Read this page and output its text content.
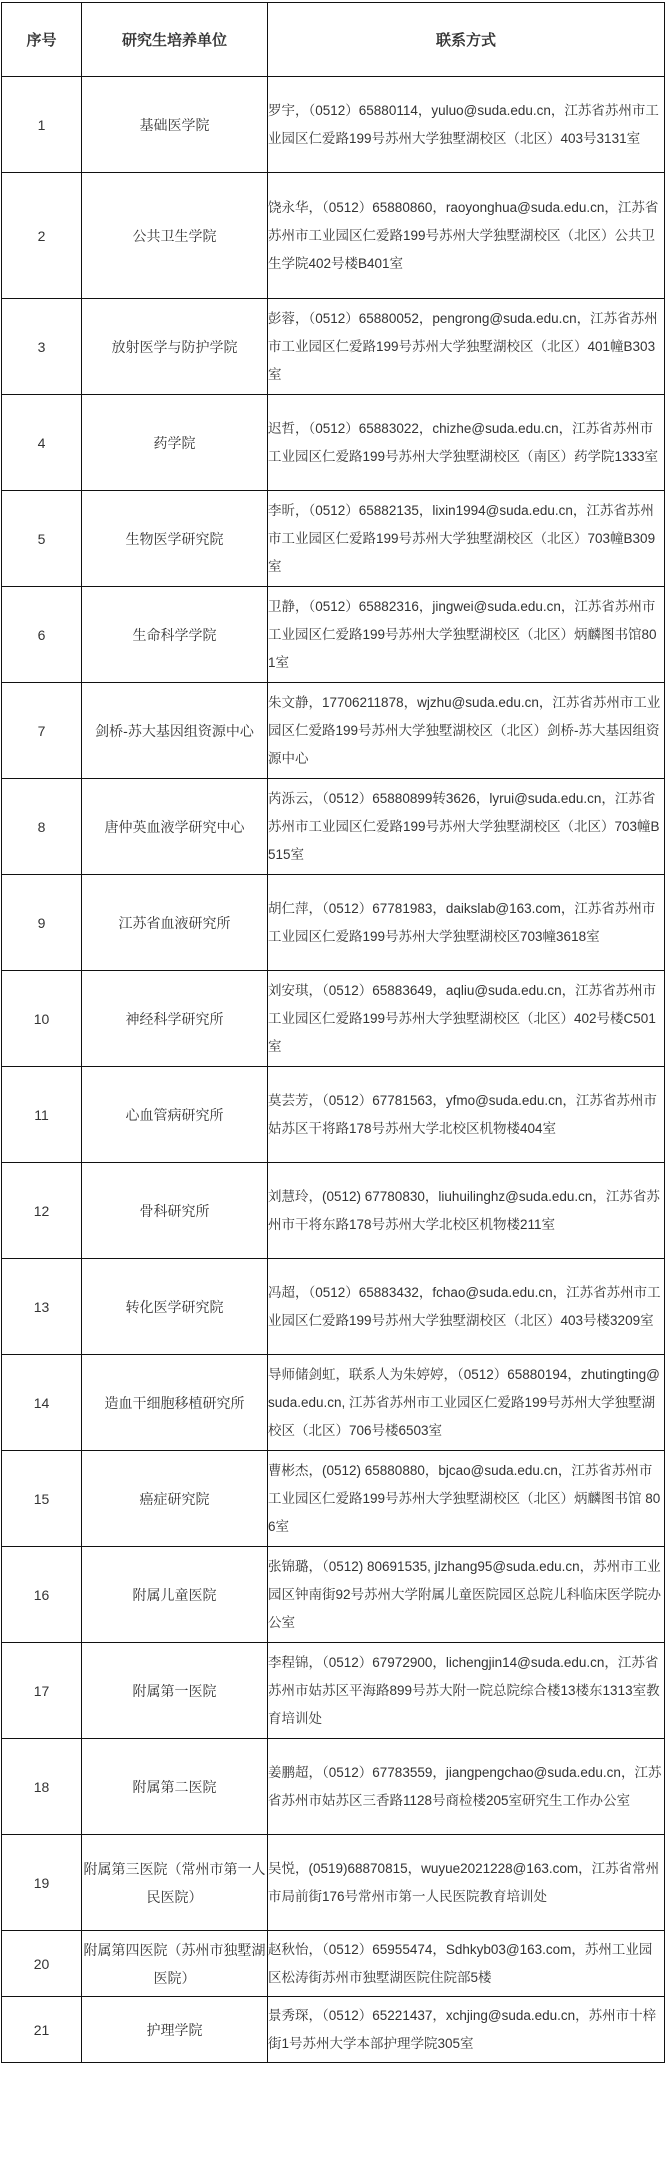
序号	研究生培养单位	联系方式
1	基础医学院	罗宇，（0512）65880114，yuluo@suda.edu.cn，江苏省苏州市工业园区仁爱路199号苏州大学独墅湖校区（北区）403号3131室
2	公共卫生学院	饶永华，（0512）65880860，raoyonghua@suda.edu.cn，江苏省苏州市工业园区仁爱路199号苏州大学独墅湖校区（北区）公共卫生学院402号楼B401室
3	放射医学与防护学院	彭蓉，（0512）65880052，pengrong@suda.edu.cn，江苏省苏州市工业园区仁爱路199号苏州大学独墅湖校区（北区）401幢B303室
4	药学院	迟哲，（0512）65883022，chizhe@suda.edu.cn，江苏省苏州市工业园区仁爱路199号苏州大学独墅湖校区（南区）药学院1333室
5	生物医学研究院	李昕，（0512）65882135，lixin1994@suda.edu.cn，江苏省苏州市工业园区仁爱路199号苏州大学独墅湖校区（北区）703幢B309室
6	生命科学学院	卫静，（0512）65882316，jingwei@suda.edu.cn，江苏省苏州市工业园区仁爱路199号苏州大学独墅湖校区（北区）炳麟图书馆801室
7	剑桥-苏大基因组资源中心	朱文静，17706211878，wjzhu@suda.edu.cn，江苏省苏州市工业园区仁爱路199号苏州大学独墅湖校区（北区）剑桥-苏大基因组资源中心
8	唐仲英血液学研究中心	芮泺云，（0512）65880899转3626，lyrui@suda.edu.cn，江苏省苏州市工业园区仁爱路199号苏州大学独墅湖校区（北区）703幢B515室
9	江苏省血液研究所	胡仁萍，（0512）67781983，daikslab@163.com，江苏省苏州市工业园区仁爱路199号苏州大学独墅湖校区703幢3618室
10	神经科学研究所	刘安琪，（0512）65883649，aqliu@suda.edu.cn，江苏省苏州市工业园区仁爱路199号苏州大学独墅湖校区（北区）402号楼C501室
11	心血管病研究所	莫芸芳，（0512）67781563，yfmo@suda.edu.cn，江苏省苏州市姑苏区干将路178号苏州大学北校区机物楼404室
12	骨科研究所	刘慧玲，(0512) 67780830，liuhuilinghz@suda.edu.cn，江苏省苏州市干将东路178号苏州大学北校区机物楼211室
13	转化医学研究院	冯超，（0512）65883432，fchao@suda.edu.cn，江苏省苏州市工业园区仁爱路199号苏州大学独墅湖校区（北区）403号楼3209室
14	造血干细胞移植研究所	导师储剑虹，联系人为朱婷婷，（0512）65880194，zhutingting@suda.edu.cn, 江苏省苏州市工业园区仁爱路199号苏州大学独墅湖校区（北区）706号楼6503室
15	癌症研究院	曹彬杰，(0512) 65880880，bjcao@suda.edu.cn，江苏省苏州市工业园区仁爱路199号苏州大学独墅湖校区（北区）炳麟图书馆 806室
16	附属儿童医院	张锦璐，（0512) 80691535, jlzhang95@suda.edu.cn，苏州市工业园区钟南街92号苏州大学附属儿童医院园区总院儿科临床医学院办公室
17	附属第一医院	李程锦，（0512）67972900，lichengjin14@suda.edu.cn，江苏省苏州市姑苏区平海路899号苏大附一院总院综合楼13楼东1313室教育培训处
18	附属第二医院	姜鹏超，（0512）67783559，jiangpengchao@suda.edu.cn，江苏省苏州市姑苏区三香路1128号商检楼205室研究生工作办公室
19	附属第三医院（常州市第一人民医院）	吴悦，(0519)68870815，wuyue2021228@163.com，江苏省常州市局前街176号常州市第一人民医院教育培训处
20	附属第四医院（苏州市独墅湖医院）	赵秋怡，（0512）65955474，Sdhkyb03@163.com，苏州工业园区松涛街苏州市独墅湖医院住院部5楼
21	护理学院	景秀琛，（0512）65221437，xchjing@suda.edu.cn，苏州市十梓街1号苏州大学本部护理学院305室
